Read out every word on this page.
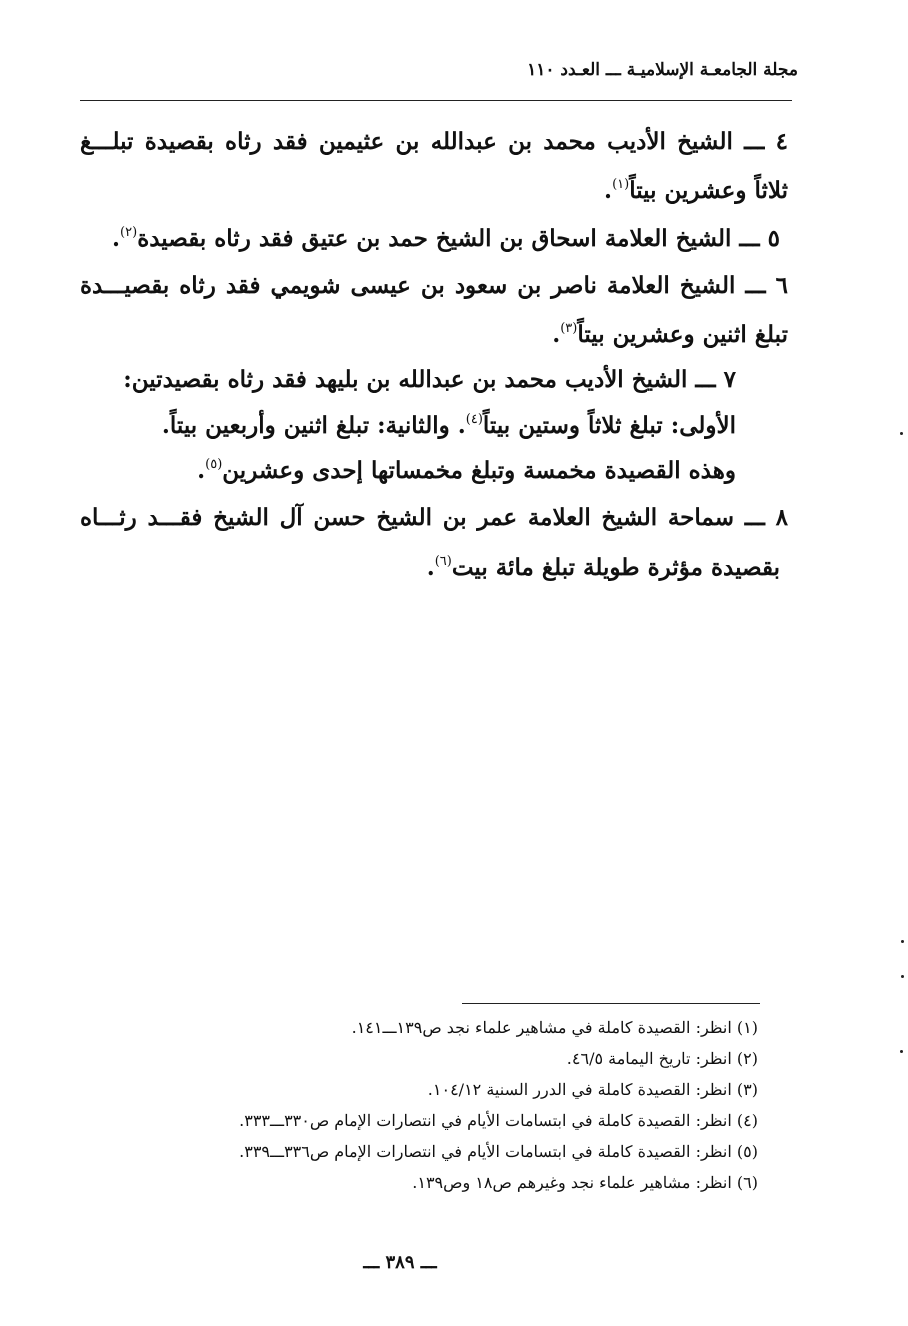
مجلة الجامعـة الإسلاميـة ـــ العـدد ١١٠
٤ ـــ الشيخ الأديب محمد بن عبدالله بن عثيمين فقد رثاه بقصيدة تبلـــغ
ثلاثاً وعشرين بيتاً$^{(١)}$.
٥ ـــ الشيخ العلامة اسحاق بن الشيخ حمد بن عتيق فقد رثاه بقصيدة$^{(٢)}$.
٦ ـــ الشيخ العلامة ناصر بن سعود بن عيسى شويمي فقد رثاه بقصيـــدة
تبلغ اثنين وعشرين بيتاً$^{(٣)}$.
٧ ـــ الشيخ الأديب محمد بن عبدالله بن بليهد فقد رثاه بقصيدتين:
الأولى: تبلغ ثلاثاً وستين بيتاً$^{(٤)}$. والثانية: تبلغ اثنين وأربعين بيتاً.
وهذه القصيدة مخمسة وتبلغ مخمساتها إحدى وعشرين$^{(٥)}$.
٨ ـــ سماحة الشيخ العلامة عمر بن الشيخ حسن آل الشيخ فقـــد رثـــاه
بقصيدة مؤثرة طويلة تبلغ مائة بيت$^{(٦)}$.
(١) انظر: القصيدة كاملة في مشاهير علماء نجد ص١٣٩ـــ١٤١.
(٢) انظر: تاريخ اليمامة ٤٦/٥.
(٣) انظر: القصيدة كاملة في الدرر السنية ١٠٤/١٢.
(٤) انظر: القصيدة كاملة في ابتسامات الأيام في انتصارات الإمام ص٣٣٠ـــ٣٣٣.
(٥) انظر: القصيدة كاملة في ابتسامات الأيام في انتصارات الإمام ص٣٣٦ـــ٣٣٩.
(٦) انظر: مشاهير علماء نجد وغيرهم ص١٨ وص١٣٩.
ـــ ٣٨٩ ـــ
